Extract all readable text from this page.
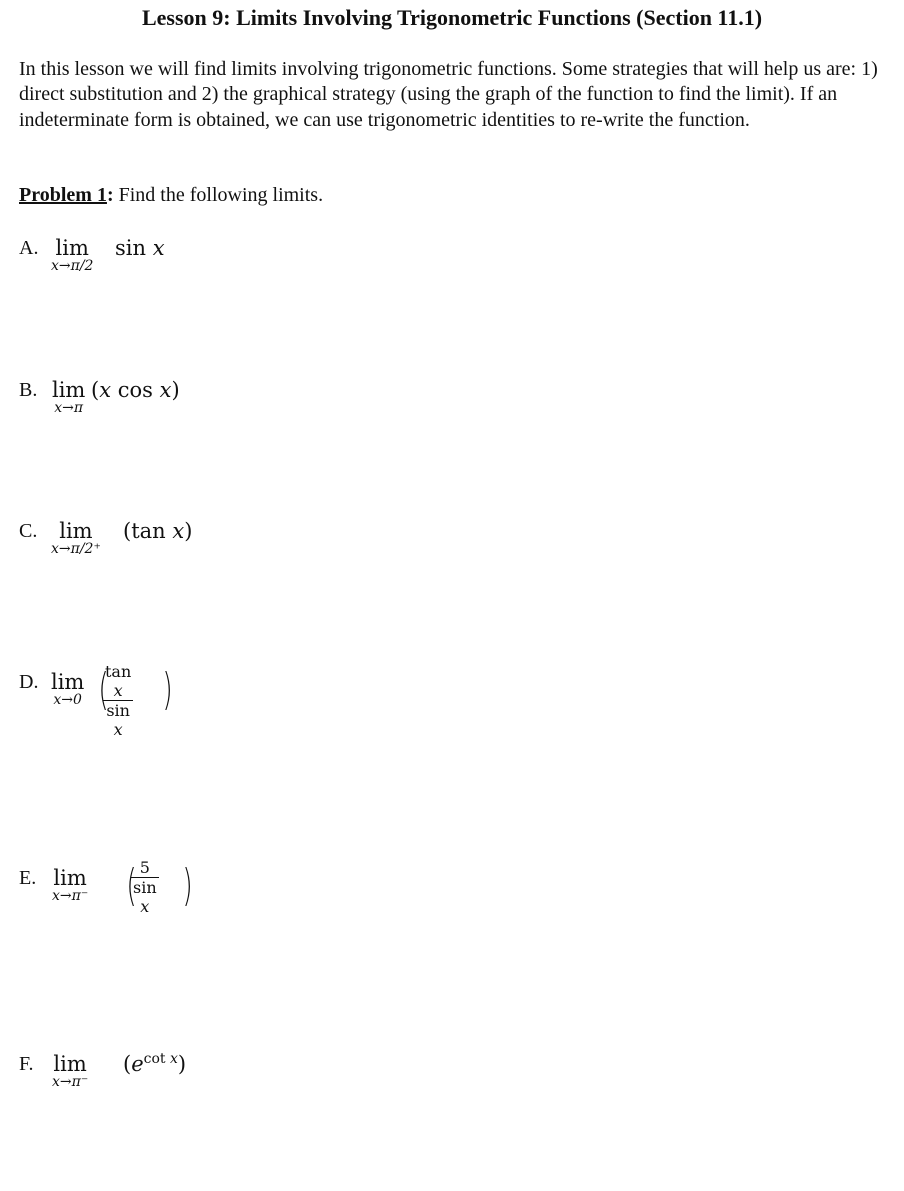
Lesson 9: Limits Involving Trigonometric Functions (Section 11.1)
In this lesson we will find limits involving trigonometric functions. Some strategies that will help us are: 1) direct substitution and 2) the graphical strategy (using the graph of the function to find the limit). If an indeterminate form is obtained, we can use trigonometric identities to re-write the function.
Problem 1: Find the following limits.
A. lim
x→π/2
sin x
B. lim
x→π
(x cos x)
C.	lim
x→π/2⁺
(tan x)
D. lim
x→0 (
$\frac{\text{tan x}}{\text{sin x}}$ )
E. lim
x→π⁻ (
$\frac{5}{\text{sin x}}$ )
F. lim
x→π⁻
$(e^{cot x})$
